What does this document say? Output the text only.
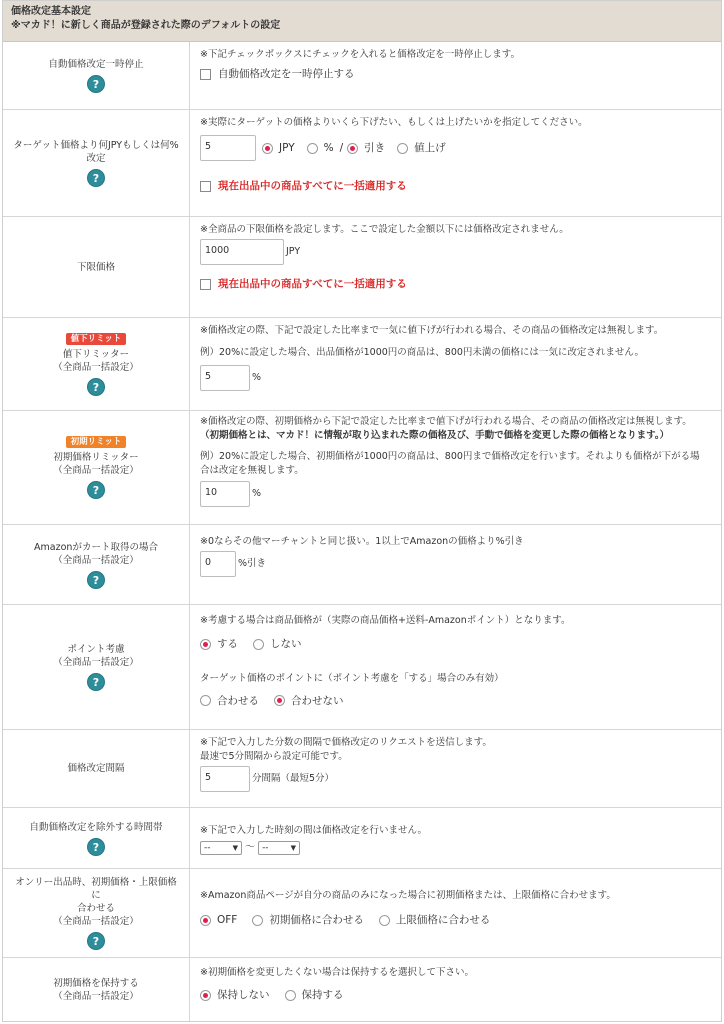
価格改定基本設定
※マカド！に新しく商品が登録された際のデフォルトの設定
自動価格改定一時停止
?
※下記チェックボックスにチェックを入れると価格改定を一時停止します。
自動価格改定を一時停止する
ターゲット価格より何JPYもしくは何%改定
?
※実際にターゲットの価格よりいくら下げたい、もしくは上げたいかを指定してください。
5	JPY	% / 引き	値上げ
現在出品中の商品すべてに一括適用する
下限価格
※全商品の下限価格を設定します。ここで設定した金額以下には価格改定されません。
1000	JPY
現在出品中の商品すべてに一括適用する
値下リミット
値下リミッター
（全商品一括設定）
?
※価格改定の際、下記で設定した比率まで一気に値下げが行われる場合、その商品の価格改定は無視します。
例）20%に設定した場合、出品価格が1000円の商品は、800円未満の価格には一気に改定されません。
5	%
初期リミット
初期価格リミッター
（全商品一括設定）
?
※価格改定の際、初期価格から下記で設定した比率まで値下げが行われる場合、その商品の価格改定は無視します。
（初期価格とは、マカド！に情報が取り込まれた際の価格及び、手動で価格を変更した際の価格となります。）
例）20%に設定した場合、初期価格が1000円の商品は、800円まで価格改定を行います。それよりも価格が下がる場
合は改定を無視します。
10	%
Amazonがカート取得の場合
（全商品一括設定）
?
※0ならその他マーチャントと同じ扱い。1以上でAmazonの価格より%引き
0	%引き
ポイント考慮
（全商品一括設定）
?
※考慮する場合は商品価格が（実際の商品価格+送料-Amazonポイント）となります。
する
	しない
ターゲット価格のポイントに（ポイント考慮を「する」場合のみ有効）
合わせる
	合わせない
価格改定間隔
※下記で入力した分数の間隔で価格改定のリクエストを送信します。
最速で5分間隔から設定可能です。
5	分間隔（最短5分）
自動価格改定を除外する時間帯
?
※下記で入力した時刻の間は価格改定を行いません。
--	▼ 〜 --	▼
オンリー出品時、初期価格・上限価格に
合わせる
（全商品一括設定）
?
※Amazon商品ページが自分の商品のみになった場合に初期価格または、上限価格に合わせます。
OFF
	初期価格に合わせる
	上限価格に合わせる
初期価格を保持する
（全商品一括設定）
※初期価格を変更したくない場合は保持するを選択して下さい。
保持しない
	保持する
